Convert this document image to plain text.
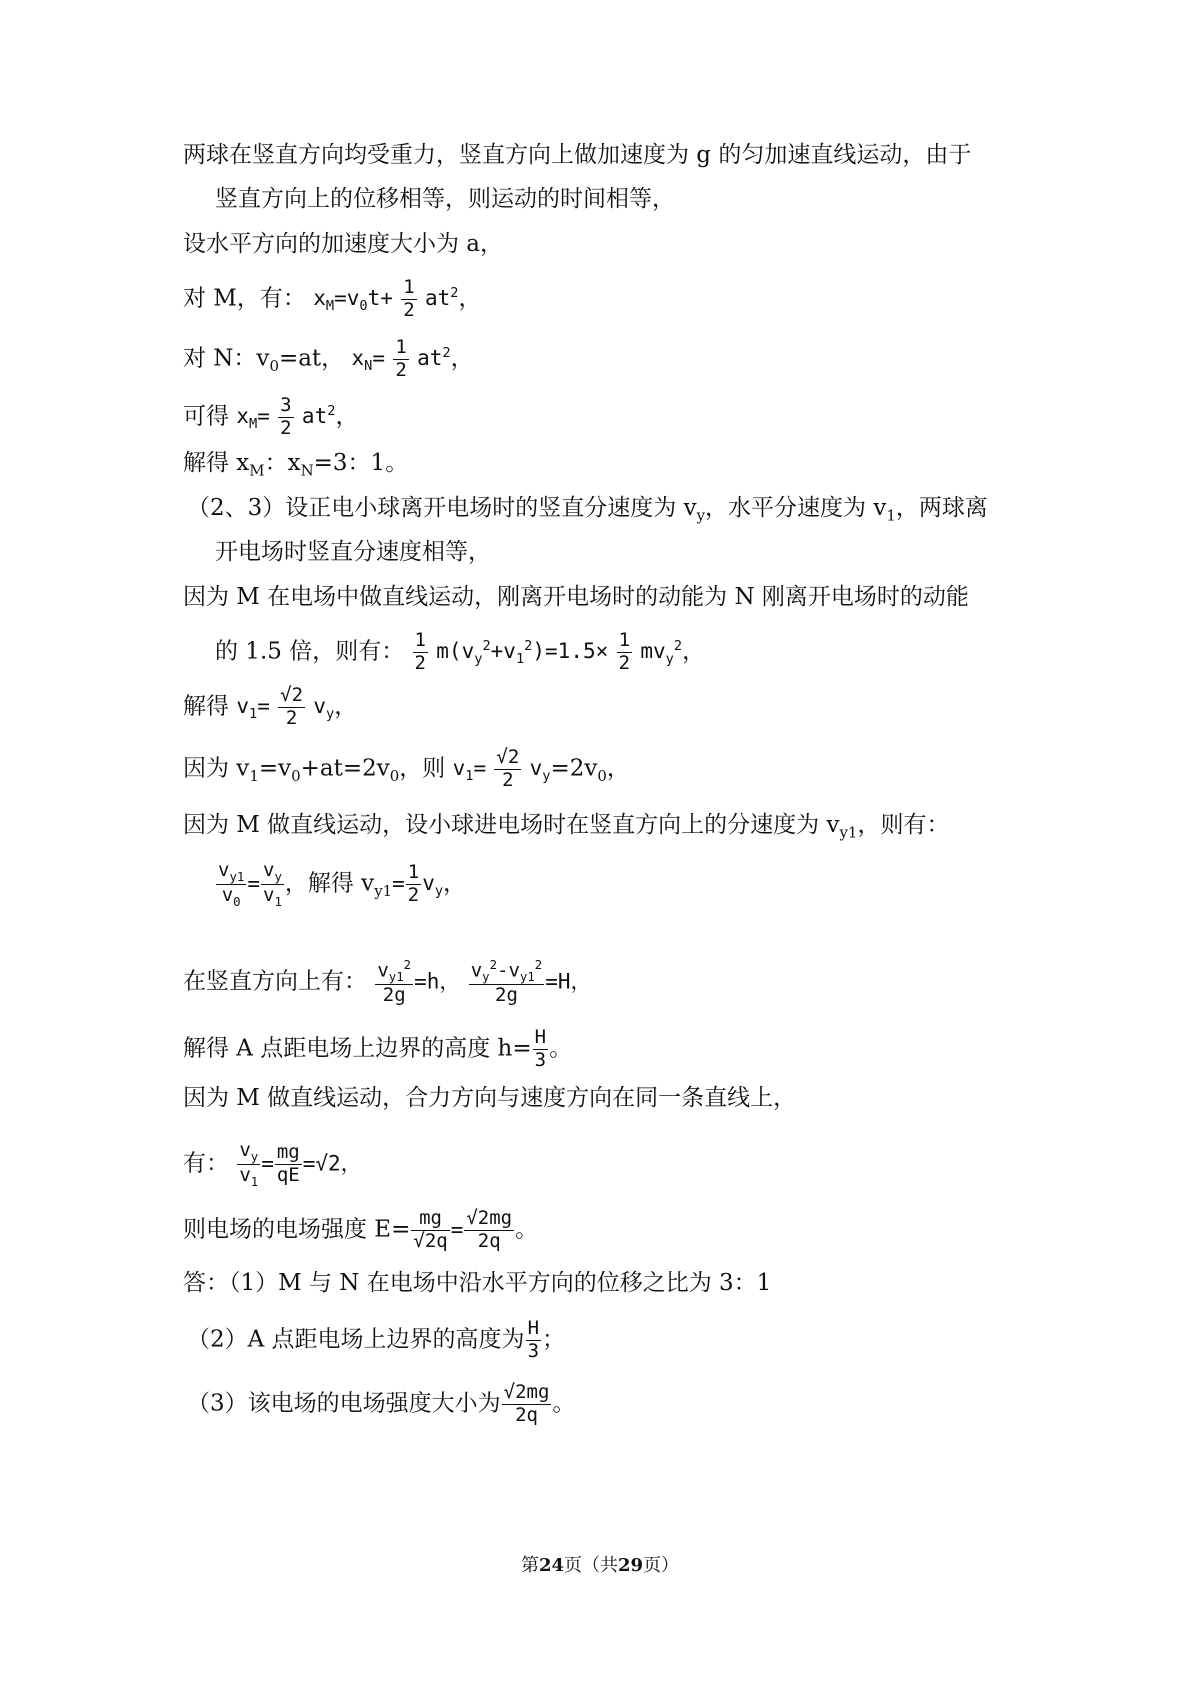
两球在竖直方向均受重力，竖直方向上做加速度为 g 的匀加速直线运动，由于
竖直方向上的位移相等，则运动的时间相等，
设水平方向的加速度大小为 a，
对 M，有： $x_M=v_0t+ \frac{1}{2} at^2$，
对 N：$v_0=at$， $x_N= \frac{1}{2} at^2$，
可得 $x_M= \frac{3}{2} at^2$，
解得 $x_M$：$x_N=3$：1。
（2、3）设正电小球离开电场时的竖直分速度为 $v_y$，水平分速度为 $v_1$，两球离
开电场时竖直分速度相等，
因为 M 在电场中做直线运动，刚离开电场时的动能为 N 刚离开电场时的动能
的 1.5 倍，则有： $\frac{1}{2} m(v_y^2+v_1^2)=1.5\times \frac{1}{2} mv_y^2$，
解得 $v_1= \frac{√2}{2} v_y$，
因为 $v_1=v_0+at=2v_0$，则 $v_1= \frac{√2}{2} v_y=2v_0$，
因为 M 做直线运动，设小球进电场时在竖直方向上的分速度为 $v_{y1}$，则有：
$\frac{v_{y1}}{v_0} = \frac{v_y}{v_1}$ ，解得 $v_{y1}= \frac{1}{2} v_y$，
在竖直方向上有： $\frac{v_{y1}^2}{2g} =h$， $\frac{v_y^2-v_{y1}^2}{2g} =H$，
解得 A 点距电场上边界的高度 $h= \frac{H}{3}$ 。
因为 M 做直线运动，合力方向与速度方向在同一条直线上，
有： $\frac{v_y}{v_1} = \frac{mg}{qE} =√2$，
则电场的电场强度 $E= \frac{mg}{√2q} = \frac{√2mg}{2q}$ 。
答：（1）M 与 N 在电场中沿水平方向的位移之比为 3：1
（2）A 点距电场上边界的高度为 $\frac{H}{3}$ ；
（3）该电场的电场强度大小为 $\frac{√2mg}{2q}$ 。
第24页（共29页）
